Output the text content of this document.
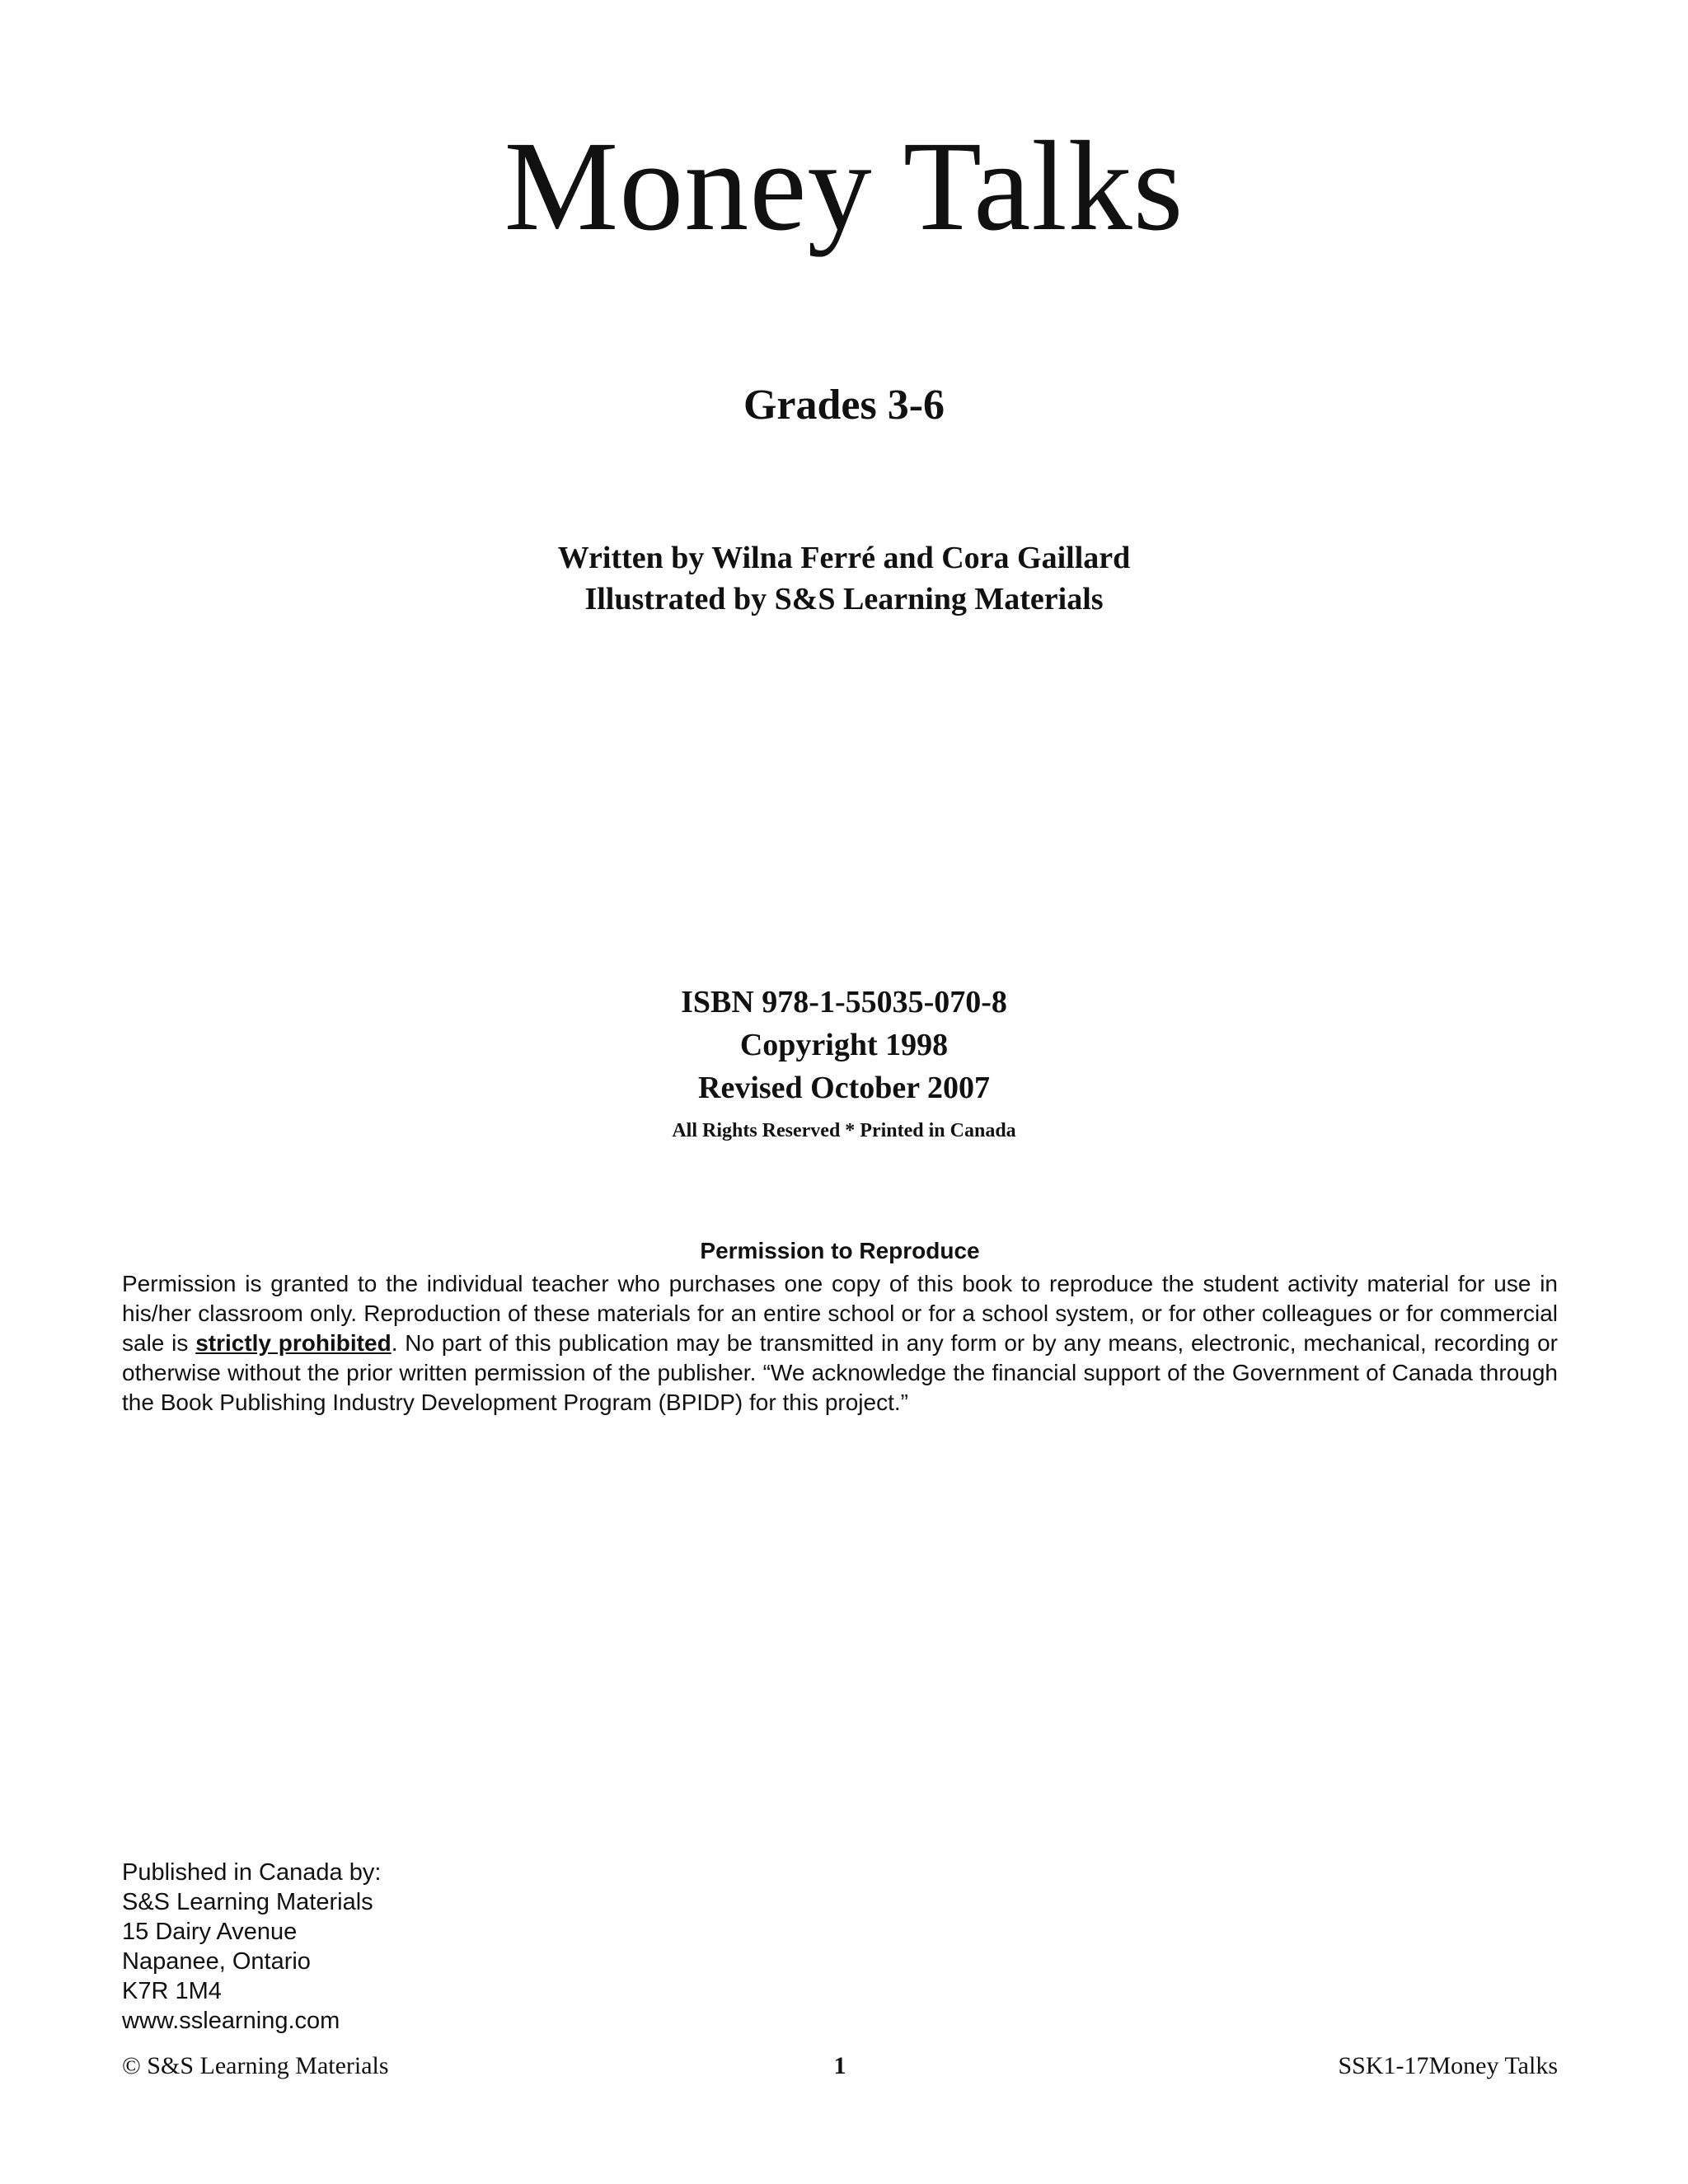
Money Talks
Grades 3-6
Written by Wilna Ferré and Cora Gaillard
Illustrated by S&S Learning Materials
ISBN 978-1-55035-070-8
Copyright 1998
Revised October 2007
All Rights Reserved * Printed in Canada
Permission to Reproduce

Permission is granted to the individual teacher who purchases one copy of this book to reproduce the student activity material for use in his/her classroom only. Reproduction of these materials for an entire school or for a school system, or for other colleagues or for commercial sale is strictly prohibited. No part of this publication may be transmitted in any form or by any means, electronic, mechanical, recording or otherwise without the prior written permission of the publisher. “We acknowledge the financial support of the Government of Canada through the Book Publishing Industry Development Program (BPIDP) for this project.”

Published in Canada by:
S&S Learning Materials
15 Dairy Avenue
Napanee, Ontario
K7R 1M4
www.sslearning.com
© S&S Learning Materials	1	SSK1-17Money Talks
